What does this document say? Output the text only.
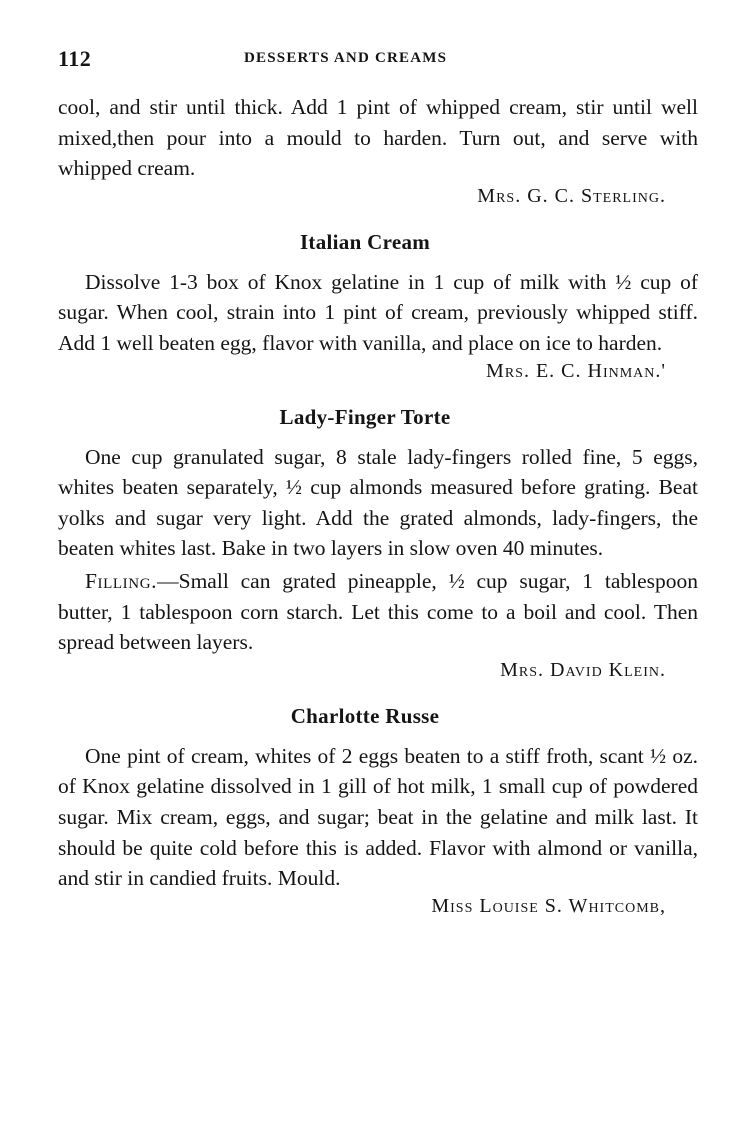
112	DESSERTS AND CREAMS

cool, and stir until thick. Add 1 pint of whipped cream, stir until well mixed,then pour into a mould to harden. Turn out, and serve with whipped cream.

Mrs. G. C. Sterling.
Italian Cream

Dissolve 1-3 box of Knox gelatine in 1 cup of milk with ½ cup of sugar. When cool, strain into 1 pint of cream, previously whipped stiff. Add 1 well beaten egg, flavor with vanilla, and place on ice to harden.

Mrs. E. C. Hinman.'
Lady-Finger Torte

One cup granulated sugar, 8 stale lady-fingers rolled fine, 5 eggs, whites beaten separately, ½ cup almonds measured before grating. Beat yolks and sugar very light. Add the grated almonds, lady-fingers, the beaten whites last. Bake in two layers in slow oven 40 minutes.

Filling.—Small can grated pineapple, ½ cup sugar, 1 tablespoon butter, 1 tablespoon corn starch. Let this come to a boil and cool. Then spread between layers.

Mrs. David Klein.
Charlotte Russe

One pint of cream, whites of 2 eggs beaten to a stiff froth, scant ½ oz. of Knox gelatine dissolved in 1 gill of hot milk, 1 small cup of powdered sugar. Mix cream, eggs, and sugar; beat in the gelatine and milk last. It should be quite cold before this is added. Flavor with almond or vanilla, and stir in candied fruits. Mould.

Miss Louise S. Whitcomb,
